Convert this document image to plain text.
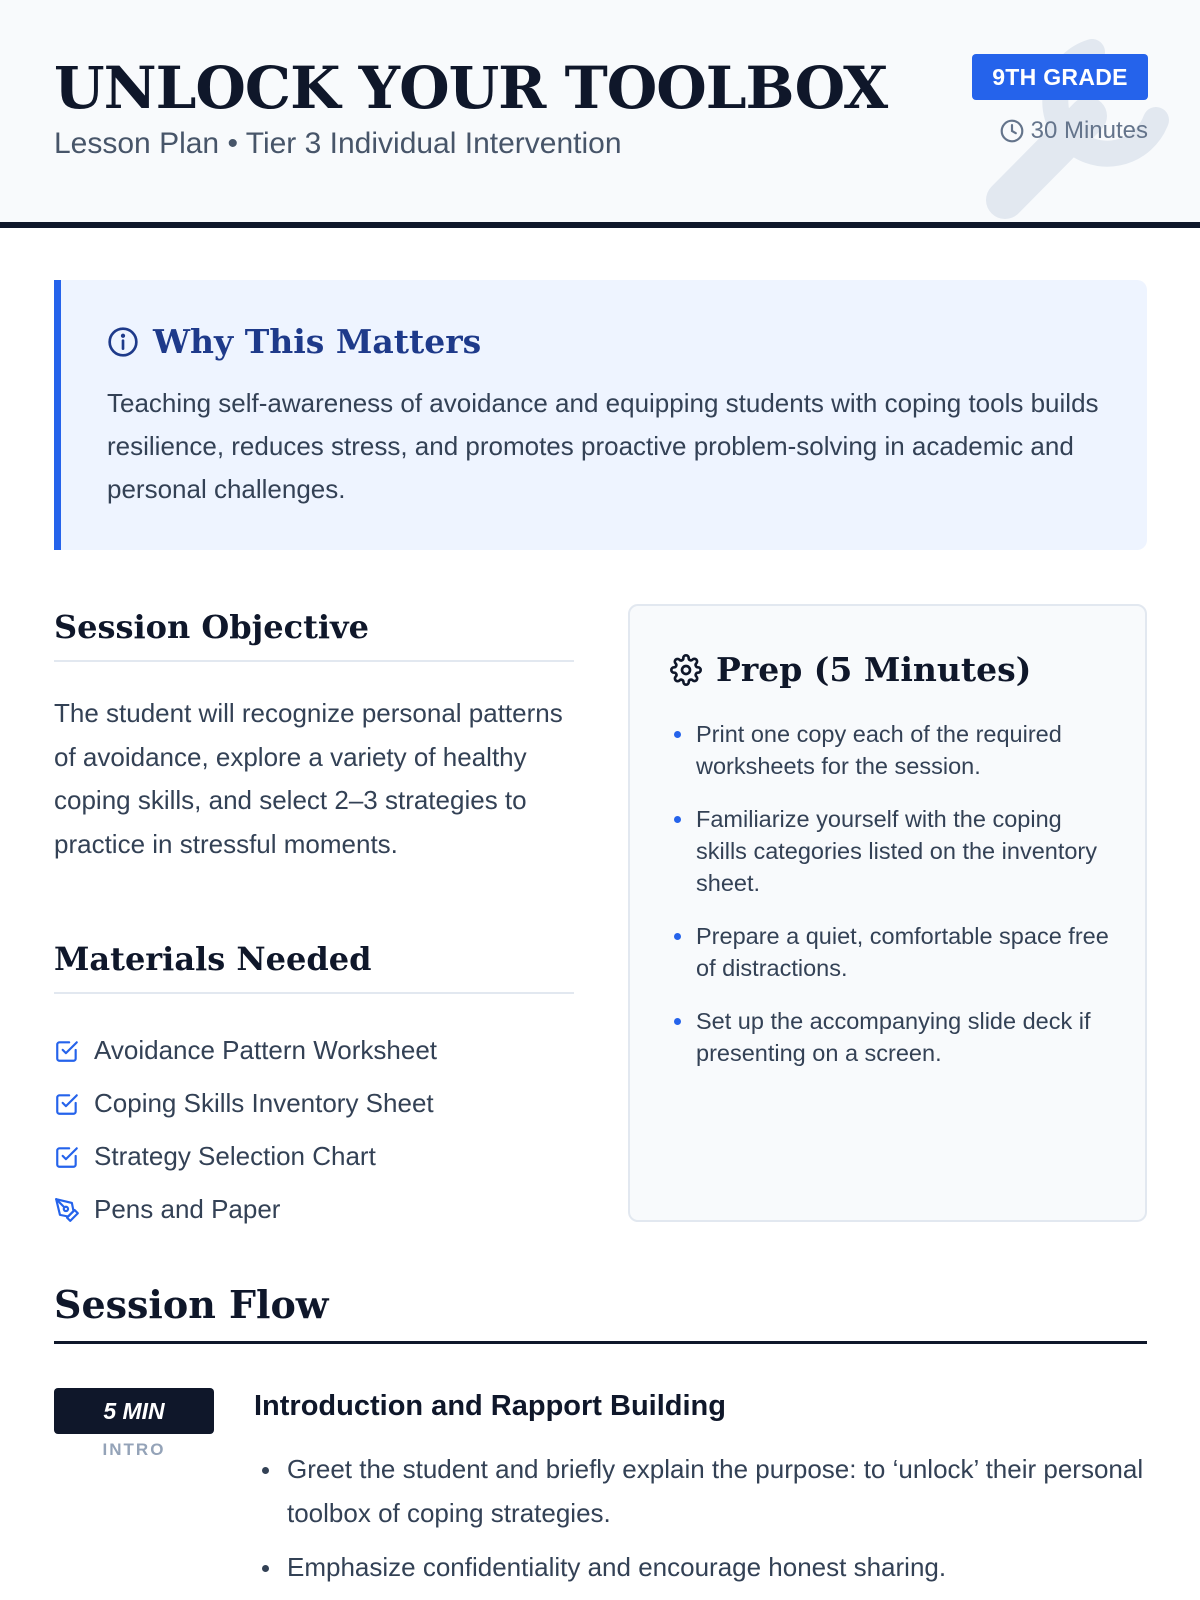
UNLOCK YOUR TOOLBOX
Lesson Plan • Tier 3 Individual Intervention
9TH GRADE
30 Minutes
Why This Matters

Teaching self-awareness of avoidance and equipping students with coping tools builds resilience, reduces stress, and promotes proactive problem-solving in academic and personal challenges.

Session Objective

The student will recognize personal patterns of avoidance, explore a variety of healthy coping skills, and select 2–3 strategies to practice in stressful moments.

Materials Needed
Avoidance Pattern Worksheet
Coping Skills Inventory Sheet
Strategy Selection Chart
Pens and Paper
Prep (5 Minutes)
Print one copy each of the required worksheets for the session.
Familiarize yourself with the coping skills categories listed on the inventory sheet.
Prepare a quiet, comfortable space free of distractions.
Set up the accompanying slide deck if presenting on a screen.
Session Flow
5 MIN
INTRO
Introduction and Rapport Building
Greet the student and briefly explain the purpose: to ‘unlock’ their personal toolbox of coping strategies.
Emphasize confidentiality and encourage honest sharing.
